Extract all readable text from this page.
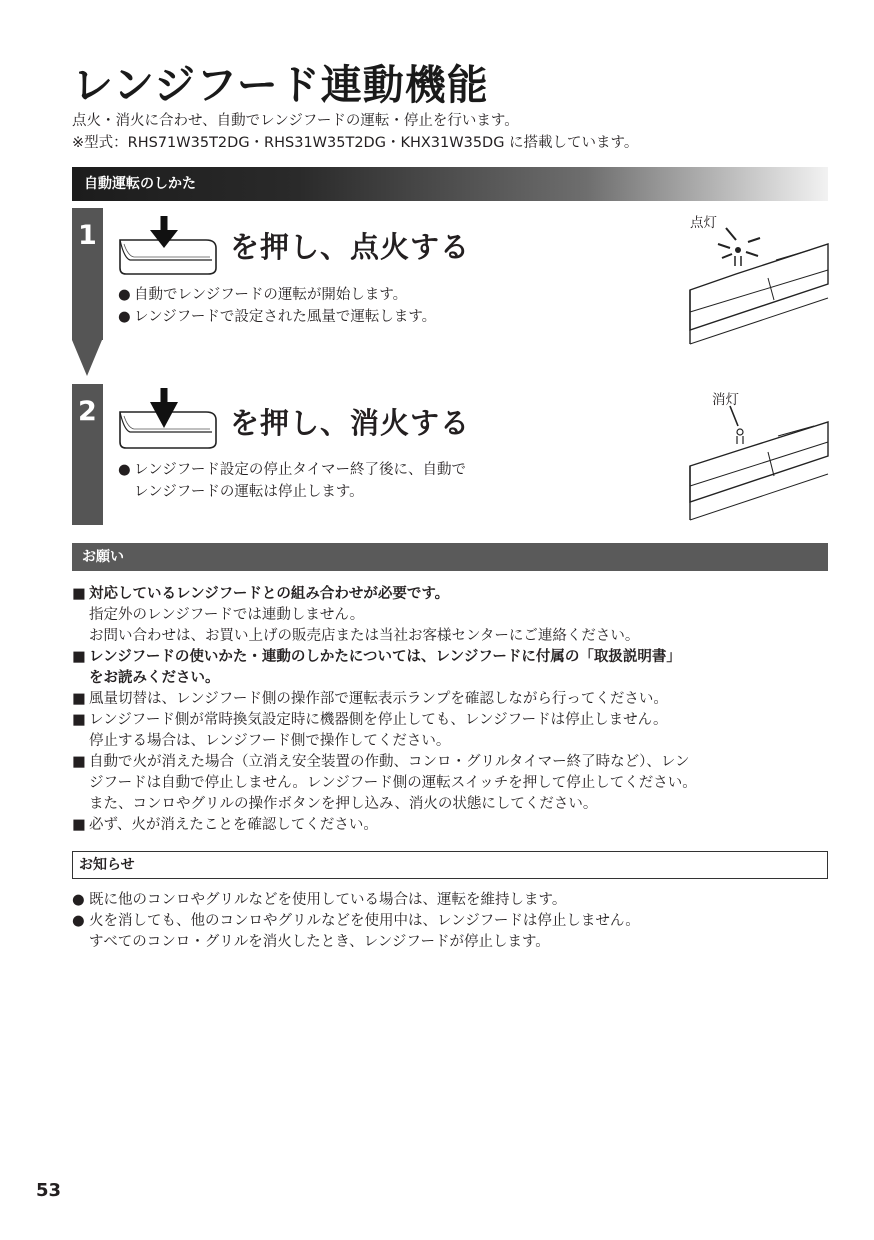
レンジフード連動機能
点火・消火に合わせ、自動でレンジフードの運転・停止を行います。
※型式：RHS71W35T2DG・RHS31W35T2DG・KHX31W35DG に搭載しています。
自動運転のしかた
1
2
を押し、点火する
● 自動でレンジフードの運転が開始します。
● レンジフードで設定された風量で運転します。
点灯
を押し、消火する
● レンジフード設定の停止タイマー終了後に、自動で
レンジフードの運転は停止します。
消灯
お願い
■ 対応しているレンジフードとの組み合わせが必要です。
指定外のレンジフードでは連動しません。
お問い合わせは、お買い上げの販売店または当社お客様センターにご連絡ください。
■ レンジフードの使いかた・連動のしかたについては、レンジフードに付属の「取扱説明書」
をお読みください。
■ 風量切替は、レンジフード側の操作部で運転表示ランプを確認しながら行ってください。
■ レンジフード側が常時換気設定時に機器側を停止しても、レンジフードは停止しません。
停止する場合は、レンジフード側で操作してください。
■ 自動で火が消えた場合（立消え安全装置の作動、コンロ・グリルタイマー終了時など）、レン
ジフードは自動で停止しません。レンジフード側の運転スイッチを押して停止してください。
また、コンロやグリルの操作ボタンを押し込み、消火の状態にしてください。
■ 必ず、火が消えたことを確認してください。
お知らせ
● 既に他のコンロやグリルなどを使用している場合は、運転を維持します。
● 火を消しても、他のコンロやグリルなどを使用中は、レンジフードは停止しません。
すべてのコンロ・グリルを消火したとき、レンジフードが停止します。
53
